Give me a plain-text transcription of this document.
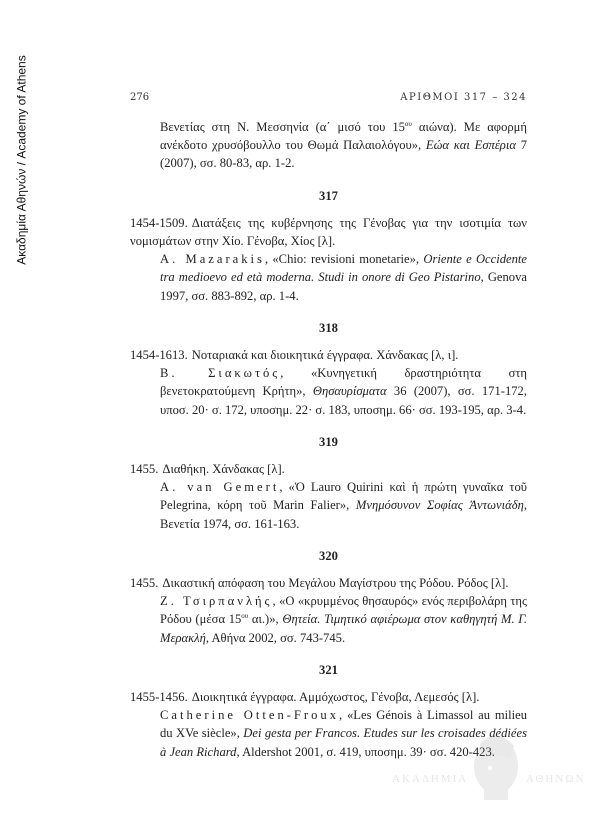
Ακαδημία Αθηνών / Academy of Athens	276	ΑΡΙΘΜΟΙ 317 – 324

Βενετίας στη Ν. Μεσσηνία (α΄ μισό του $15^{o\upsilon}$ αιώνα). Με αφορμή ανέκδοτο χρυσόβουλλο του Θωμά Παλαιολόγου», Εώα και Εσπέρια 7 (2007), σσ. 80-83, αρ. 1-2.

317

1454-1509. Διατάξεις της κυβέρνησης της Γένοβας για την ισοτιμία των νομισμάτων στην Χίο. Γένοβα, Χίος [λ].

A. Mazarakis, «Chio: revisioni monetarie», Oriente e Occidente tra medioevo ed età moderna. Studi in onore di Geo Pistarino, Genova 1997, σσ. 883-892, αρ. 1-4.

318

1454-1613. Νοταριακά και διοικητικά έγγραφα. Χάνδακας [λ, ι].

Β. Σιακωτός, «Κυνηγετική δραστηριότητα στη βενετοκρατούμενη Κρήτη», Θησαυρίσματα 36 (2007), σσ. 171-172, υποσ. 20· σ. 172, υποσημ. 22· σ. 183, υποσημ. 66· σσ. 193-195, αρ. 3-4.

319

1455. Διαθήκη. Χάνδακας [λ].

A. van Gemert, «Ὁ Lauro Quirini καὶ ἡ πρώτη γυναῖκα τοῦ Pelegrina, κόρη τοῦ Marin Falier», Μνημόσυνον Σοφίας Ἀντωνιάδη, Βενετία 1974, σσ. 161-163.

320

1455. Δικαστική απόφαση του Μεγάλου Μαγίστρου της Ρόδου. Ρόδος [λ].

Ζ. Τσιρπανλής, «Ο «κρυμμένος θησαυρός» ενός περιβολάρη της Ρόδου (μέσα $15^{o\upsilon}$ αι.)», Θητεία. Τιμητικό αφιέρωμα στον καθηγητή Μ. Γ. Μερακλή, Αθήνα 2002, σσ. 743-745.

321

1455-1456. Διοικητικά έγγραφα. Αμμόχωστος, Γένοβα, Λεμεσός [λ].

Catherine Otten-Froux, «Les Génois à Limassol au milieu du XVe siècle», Dei gesta per Francos. Etudes sur les croisades dédiées à Jean Richard, Aldershot 2001, σ. 419, υποσημ. 39· σσ. 420-423.

ΑΚΑΔΗΜΙΑ	ΑΘΗΝΩΝ
